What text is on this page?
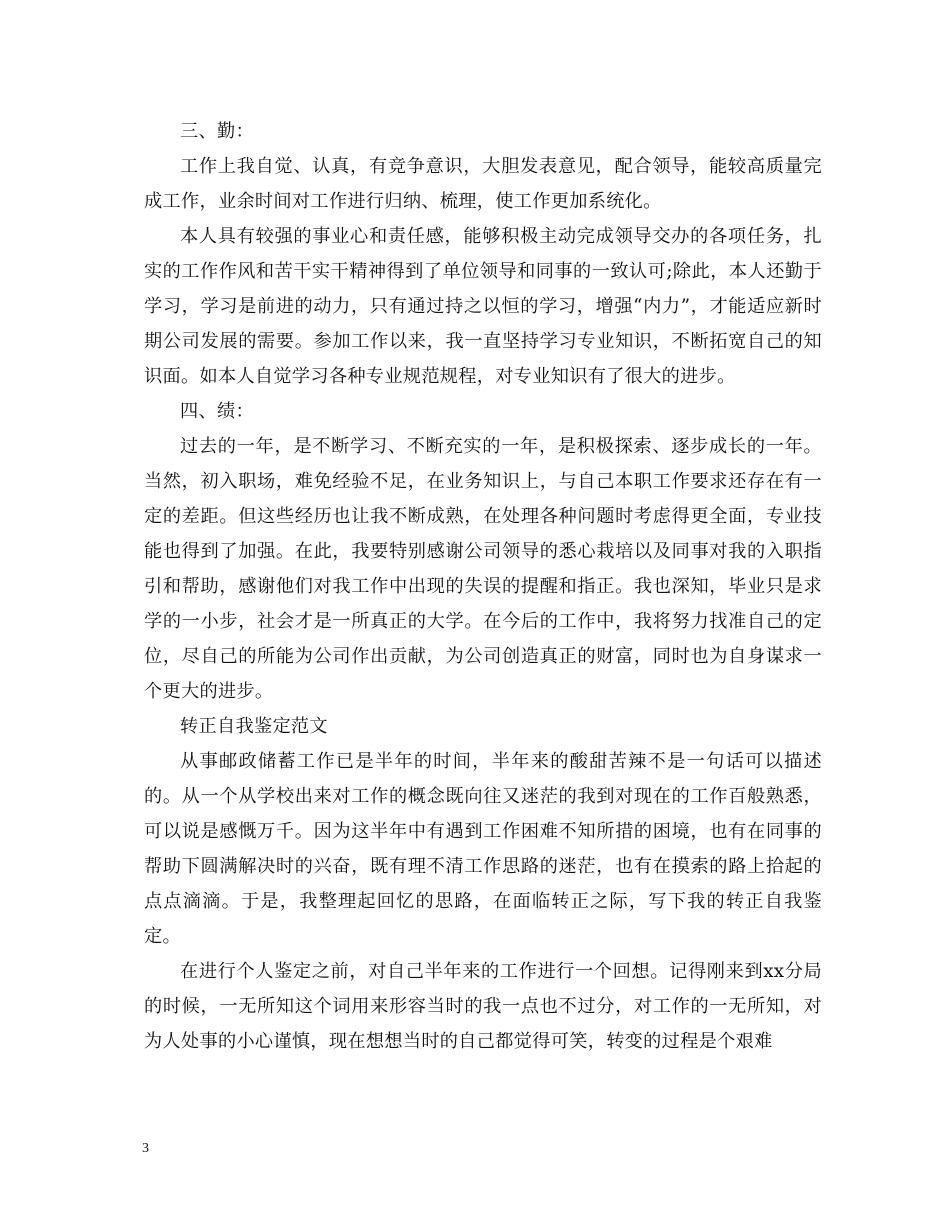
三、勤：

工作上我自觉、认真，有竞争意识，大胆发表意见，配合领导，能较高质量完成工作，业余时间对工作进行归纳、梳理，使工作更加系统化。

本人具有较强的事业心和责任感，能够积极主动完成领导交办的各项任务，扎实的工作作风和苦干实干精神得到了单位领导和同事的一致认可;除此，本人还勤于学习，学习是前进的动力，只有通过持之以恒的学习，增强“内力”，才能适应新时期公司发展的需要。参加工作以来，我一直坚持学习专业知识，不断拓宽自己的知识面。如本人自觉学习各种专业规范规程，对专业知识有了很大的进步。

四、绩：

过去的一年，是不断学习、不断充实的一年，是积极探索、逐步成长的一年。当然，初入职场，难免经验不足，在业务知识上，与自己本职工作要求还存在有一定的差距。但这些经历也让我不断成熟，在处理各种问题时考虑得更全面，专业技能也得到了加强。在此，我要特别感谢公司领导的悉心栽培以及同事对我的入职指引和帮助，感谢他们对我工作中出现的失误的提醒和指正。我也深知，毕业只是求学的一小步，社会才是一所真正的大学。在今后的工作中，我将努力找准自己的定位，尽自己的所能为公司作出贡献，为公司创造真正的财富，同时也为自身谋求一个更大的进步。

转正自我鉴定范文

从事邮政储蓄工作已是半年的时间，半年来的酸甜苦辣不是一句话可以描述的。从一个从学校出来对工作的概念既向往又迷茫的我到对现在的工作百般熟悉，可以说是感慨万千。因为这半年中有遇到工作困难不知所措的困境，也有在同事的帮助下圆满解决时的兴奋，既有理不清工作思路的迷茫，也有在摸索的路上拾起的点点滴滴。于是，我整理起回忆的思路，在面临转正之际，写下我的转正自我鉴定。

在进行个人鉴定之前，对自己半年来的工作进行一个回想。记得刚来到xx分局的时候，一无所知这个词用来形容当时的我一点也不过分，对工作的一无所知，对为人处事的小心谨慎，现在想想当时的自己都觉得可笑，转变的过程是个艰难

3
